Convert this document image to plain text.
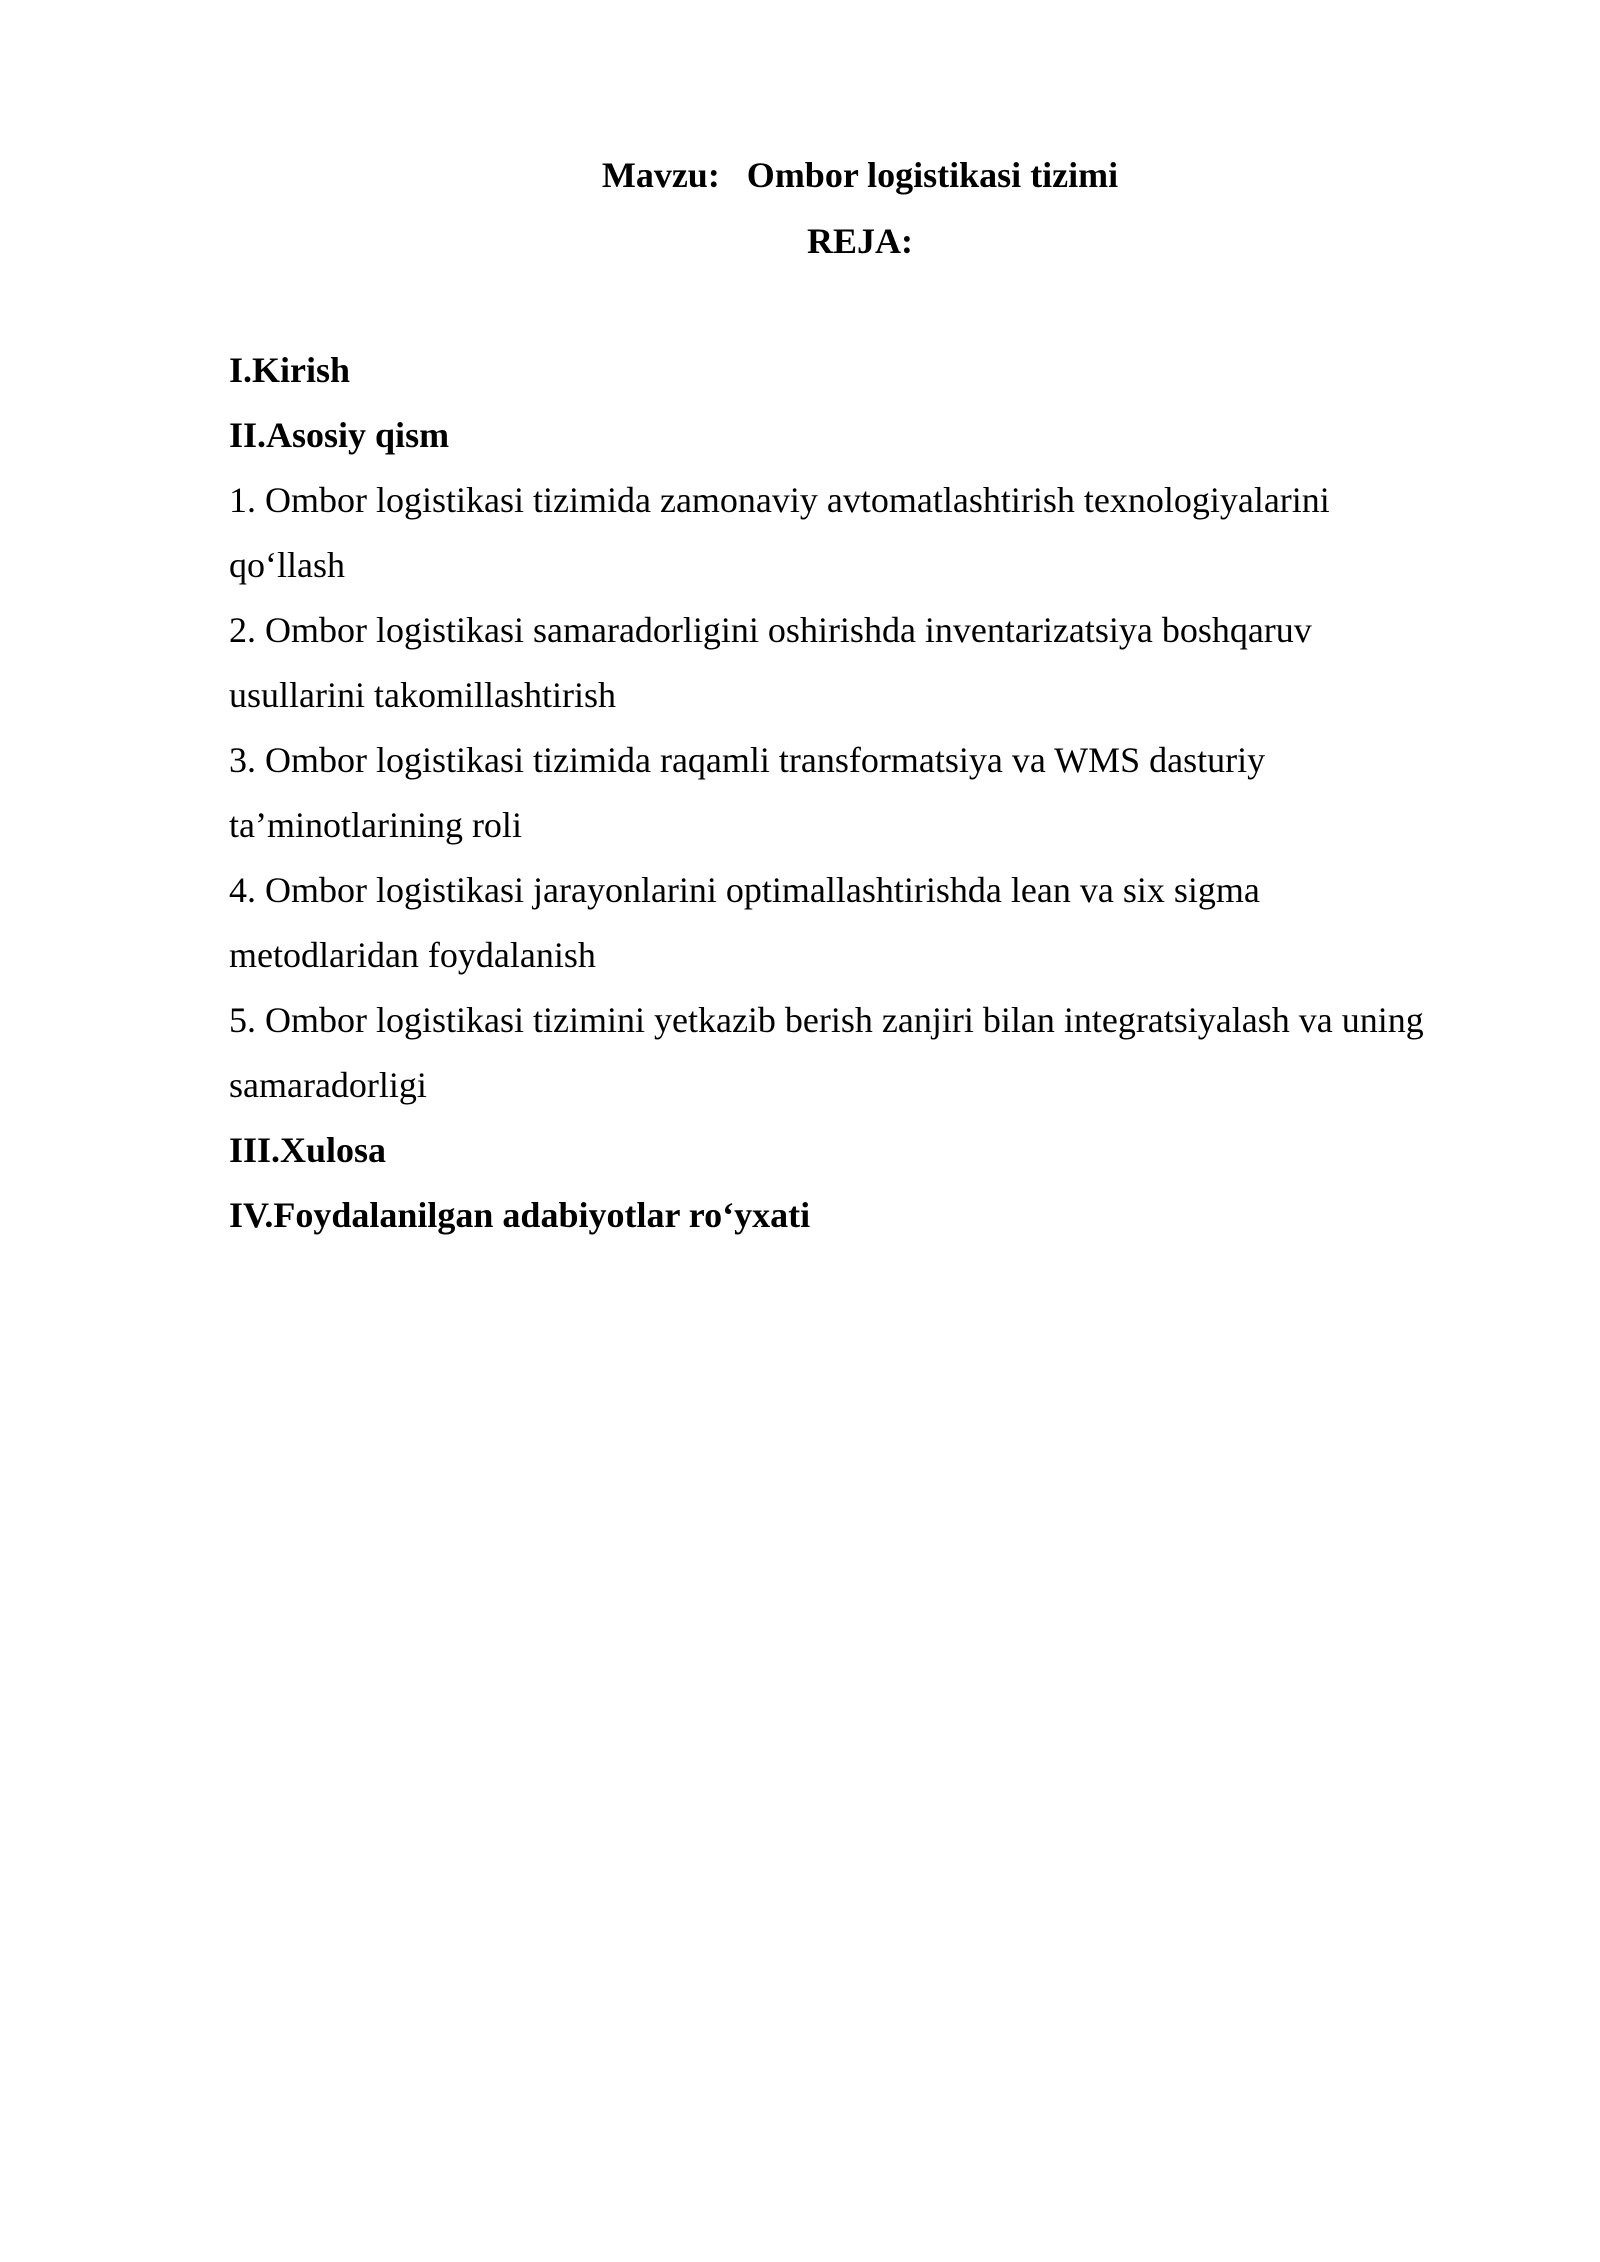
Mavzu:   Ombor logistikasi tizimi
REJA:
I.Kirish
II.Asosiy qism
1. Ombor logistikasi tizimida zamonaviy avtomatlashtirish texnologiyalarini
qo‘llash
2. Ombor logistikasi samaradorligini oshirishda inventarizatsiya boshqaruv
usullarini takomillashtirish
3. Ombor logistikasi tizimida raqamli transformatsiya va WMS dasturiy
ta’minotlarining roli
4. Ombor logistikasi jarayonlarini optimallashtirishda lean va six sigma
metodlaridan foydalanish
5. Ombor logistikasi tizimini yetkazib berish zanjiri bilan integratsiyalash va uning
samaradorligi
III.Xulosa
IV.Foydalanilgan adabiyotlar ro‘yxati
